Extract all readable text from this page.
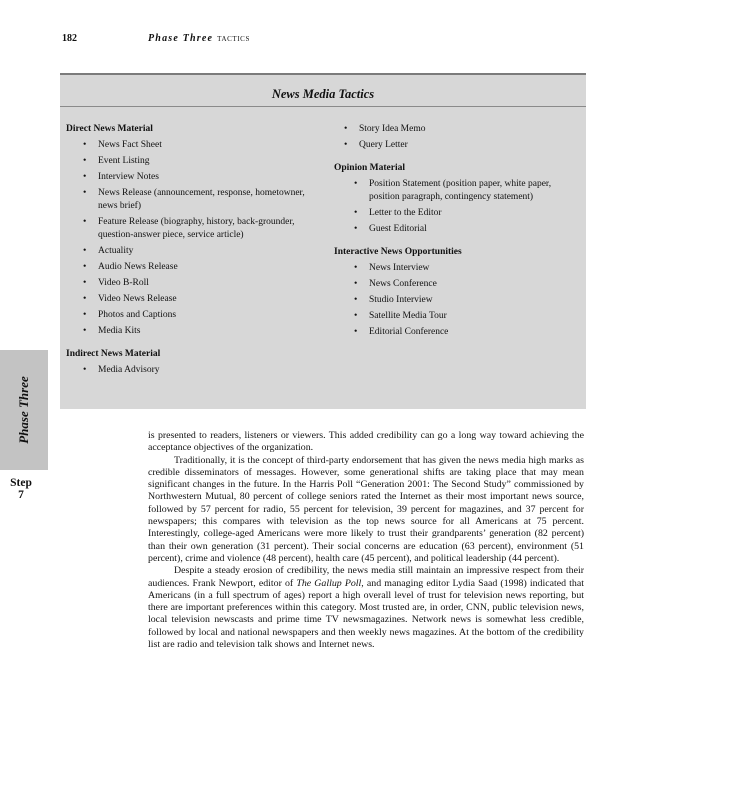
182	Phase Three TACTICS
News Media Tactics
Direct News Material
• News Fact Sheet
• Event Listing
• Interview Notes
• News Release (announcement, response, hometowner, news brief)
• Feature Release (biography, history, back-grounder, question-answer piece, service article)
• Actuality
• Audio News Release
• Video B-Roll
• Video News Release
• Photos and Captions
• Media Kits
Indirect News Material
• Media Advisory
• Story Idea Memo
• Query Letter
Opinion Material
• Position Statement (position paper, white paper, position paragraph, contingency statement)
• Letter to the Editor
• Guest Editorial
Interactive News Opportunities
• News Interview
• News Conference
• Studio Interview
• Satellite Media Tour
• Editorial Conference
Phase Three
Step
7

is presented to readers, listeners or viewers. This added credibility can go a long way toward achieving the acceptance objectives of the organization.

Traditionally, it is the concept of third-party endorsement that has given the news media high marks as credible disseminators of messages. However, some generational shifts are taking place that may mean significant changes in the future. In the Harris Poll “Generation 2001: The Second Study” commissioned by Northwestern Mutual, 80 percent of college seniors rated the Internet as their most important news source, followed by 57 percent for radio, 55 percent for television, 39 percent for magazines, and 37 percent for newspapers; this compares with television as the top news source for all Americans at 75 percent. Interestingly, college-aged Americans were more likely to trust their grandparents’ generation (82 percent) than their own generation (31 percent). Their social concerns are education (63 percent), environment (51 percent), crime and violence (48 percent), health care (45 percent), and political leadership (44 percent).

Despite a steady erosion of credibility, the news media still maintain an impressive respect from their audiences. Frank Newport, editor of The Gallup Poll, and managing editor Lydia Saad (1998) indicated that Americans (in a full spectrum of ages) report a high overall level of trust for television news reporting, but there are important preferences within this category. Most trusted are, in order, CNN, public television news, local television newscasts and prime time TV newsmagazines. Network news is somewhat less credible, followed by local and national newspapers and then weekly news magazines. At the bottom of the credibility list are radio and television talk shows and Internet news.
